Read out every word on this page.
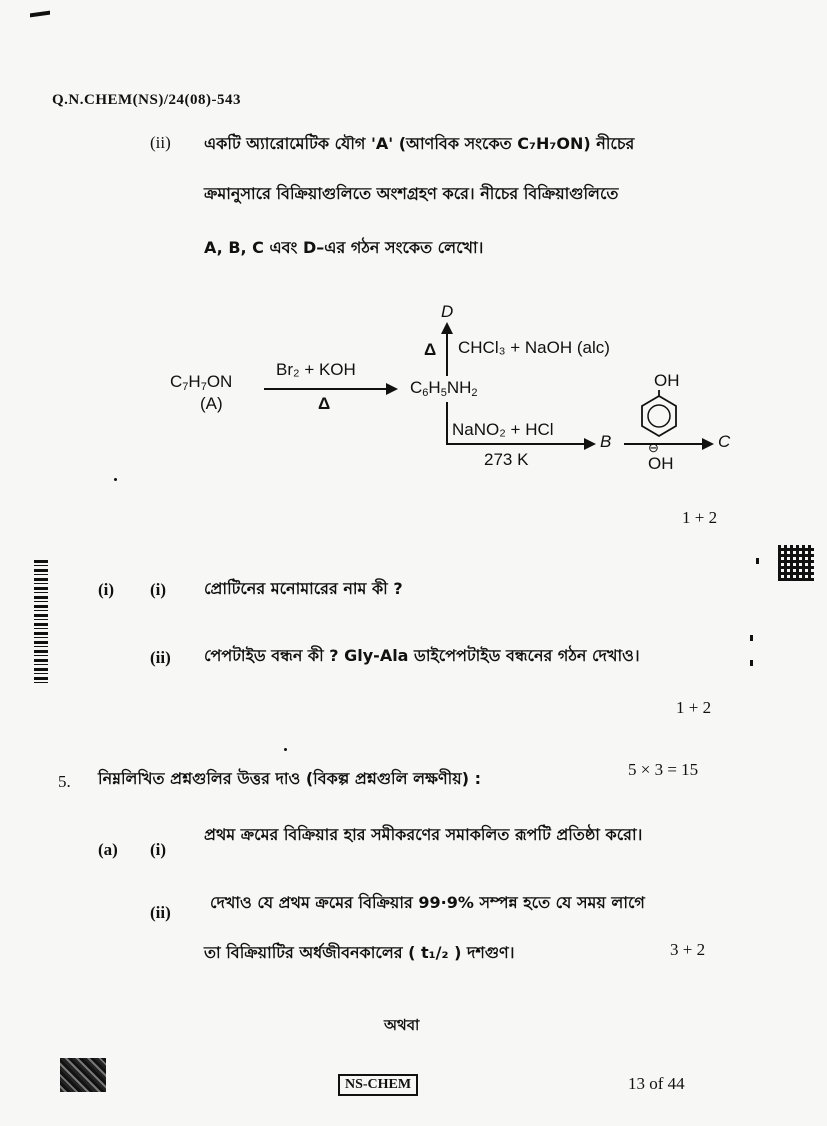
Q.N.CHEM(NS)/24(08)-543
(ii) একটি অ্যারোমেটিক যৌগ 'A' (আণবিক সংকেত C₇H₇ON) নীচের
ক্রমানুসারে বিক্রিয়াগুলিতে অংশগ্রহণ করে। নীচের বিক্রিয়াগুলিতে
A, B, C এবং D–এর গঠন সংকেত লেখো।
$C_7H_7ON$
(A)
Br₂ + KOH
Δ
$C_6H_5NH_2$
D
Δ CHCl₃ + NaOH (alc)
NaNO₂ + HCl
273 K
B	C
OH
⊖
OH
1 + 2
(i) (i) প্রোটিনের মনোমারের নাম কী ?
(ii) পেপটাইড বন্ধন কী ? Gly-Ala ডাইপেপটাইড বন্ধনের গঠন দেখাও।
1 + 2
5. নিম্নলিখিত প্রশ্নগুলির উত্তর দাও (বিকল্প প্রশ্নগুলি লক্ষণীয়) :	5 × 3 = 15
(a) (i)
প্রথম ক্রমের বিক্রিয়ার হার সমীকরণের সমাকলিত রূপটি প্রতিষ্ঠা করো।
(ii)
দেখাও যে প্রথম ক্রমের বিক্রিয়ার 99·9% সম্পন্ন হতে যে সময় লাগে
তা বিক্রিয়াটির অর্ধজীবনকালের ( t₁/₂ ) দশগুণ।	3 + 2
অথবা
NS-CHEM	13 of 44
